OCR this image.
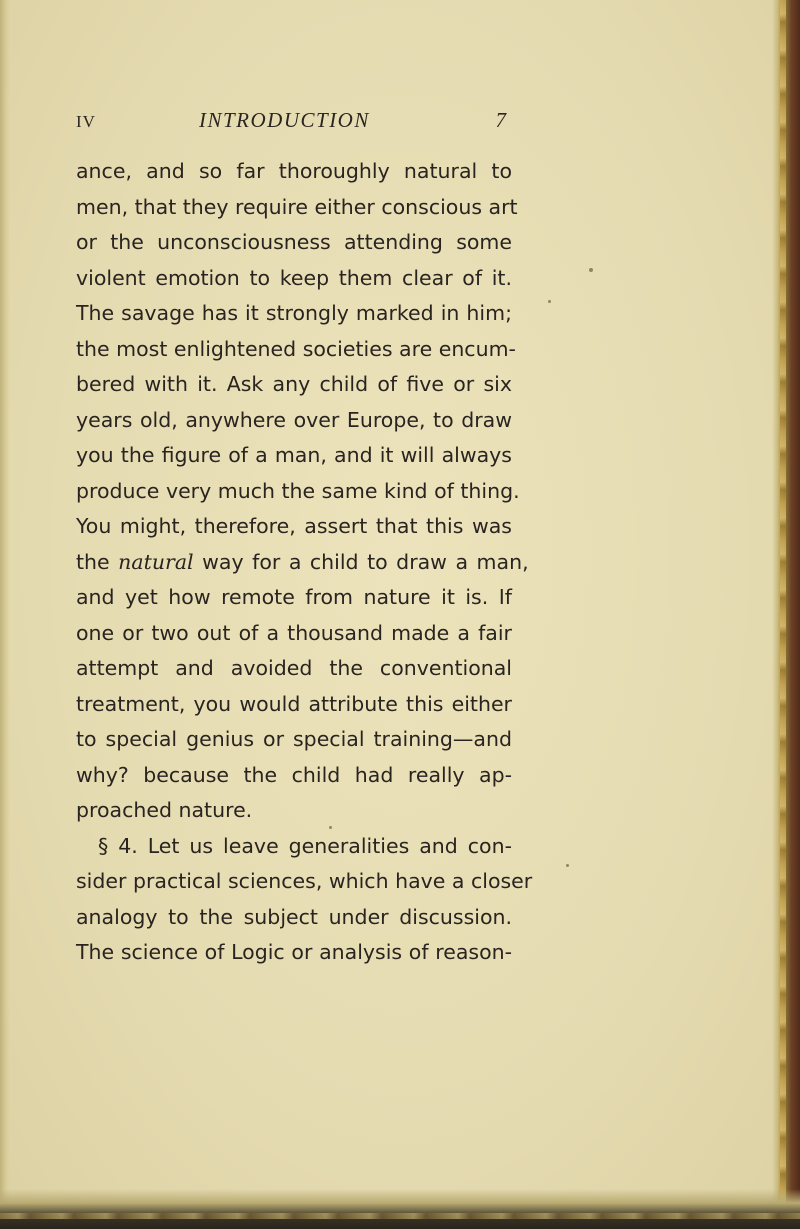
IV	INTRODUCTION	7
ance, and so far thoroughly natural to
men, that they require either conscious art
or the unconsciousness attending some
violent emotion to keep them clear of it.
The savage has it strongly marked in him;
the most enlightened societies are encum-
bered with it. Ask any child of five or six
years old, anywhere over Europe, to draw
you the figure of a man, and it will always
produce very much the same kind of thing.
You might, therefore, assert that this was
the natural way for a child to draw a man,
and yet how remote from nature it is. If
one or two out of a thousand made a fair
attempt and avoided the conventional
treatment, you would attribute this either
to special genius or special training—and
why? because the child had really ap-
proached nature.
§ 4. Let us leave generalities and con-
sider practical sciences, which have a closer
analogy to the subject under discussion.
The science of Logic or analysis of reason-
